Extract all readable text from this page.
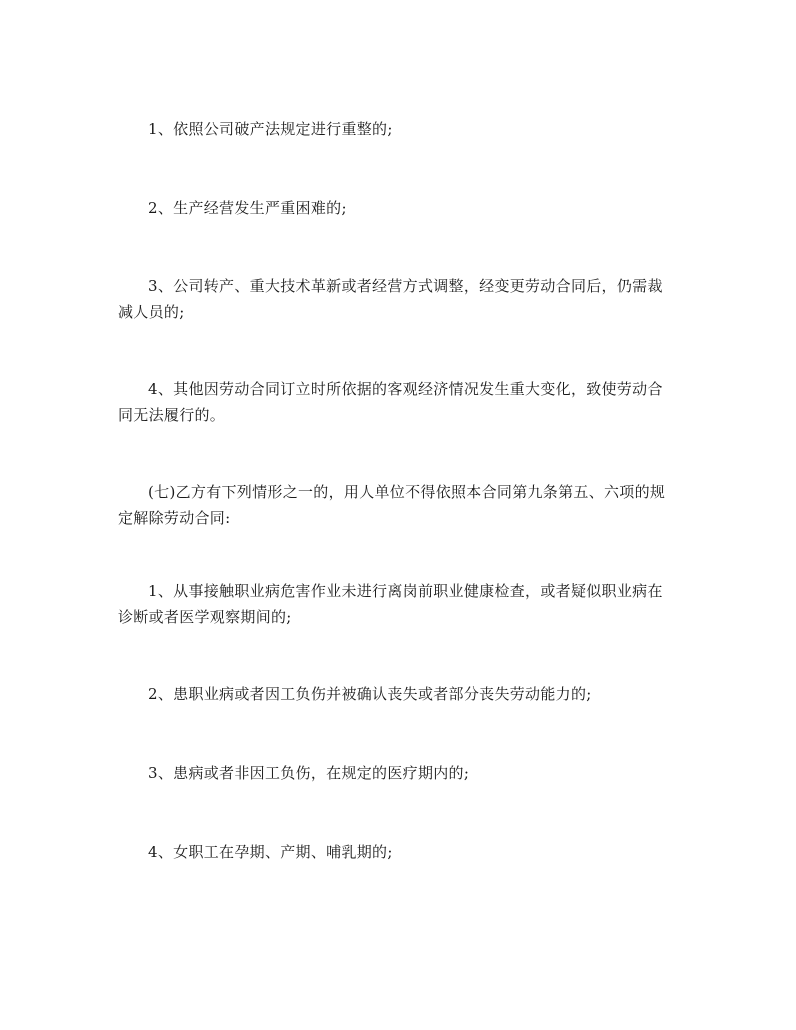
1、依照公司破产法规定进行重整的;

2、生产经营发生严重困难的;

3、公司转产、重大技术革新或者经营方式调整，经变更劳动合同后，仍需裁减人员的;

4、其他因劳动合同订立时所依据的客观经济情况发生重大变化，致使劳动合同无法履行的。

(七)乙方有下列情形之一的，用人单位不得依照本合同第九条第五、六项的规定解除劳动合同:

1、从事接触职业病危害作业未进行离岗前职业健康检查，或者疑似职业病在诊断或者医学观察期间的;

2、患职业病或者因工负伤并被确认丧失或者部分丧失劳动能力的;

3、患病或者非因工负伤，在规定的医疗期内的;

4、女职工在孕期、产期、哺乳期的;
